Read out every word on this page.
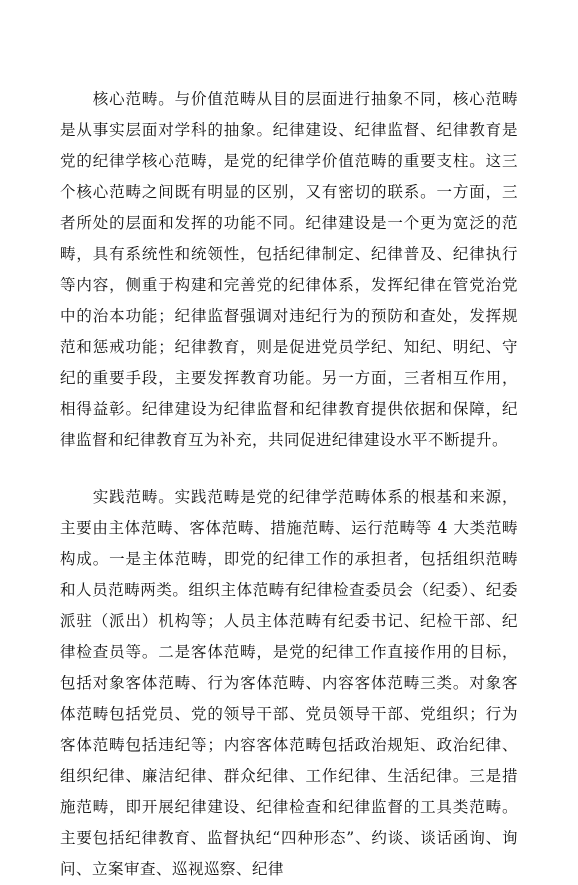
　　核心范畴。与价值范畴从目的层面进行抽象不同，核心范畴是从事实层面对学科的抽象。纪律建设、纪律监督、纪律教育是党的纪律学核心范畴，是党的纪律学价值范畴的重要支柱。这三个核心范畴之间既有明显的区别，又有密切的联系。一方面，三者所处的层面和发挥的功能不同。纪律建设是一个更为宽泛的范畴，具有系统性和统领性，包括纪律制定、纪律普及、纪律执行等内容，侧重于构建和完善党的纪律体系，发挥纪律在管党治党中的治本功能；纪律监督强调对违纪行为的预防和查处，发挥规范和惩戒功能；纪律教育，则是促进党员学纪、知纪、明纪、守纪的重要手段，主要发挥教育功能。另一方面，三者相互作用，相得益彰。纪律建设为纪律监督和纪律教育提供依据和保障，纪律监督和纪律教育互为补充，共同促进纪律建设水平不断提升。

　　实践范畴。实践范畴是党的纪律学范畴体系的根基和来源，主要由主体范畴、客体范畴、措施范畴、运行范畴等 4 大类范畴构成。一是主体范畴，即党的纪律工作的承担者，包括组织范畴和人员范畴两类。组织主体范畴有纪律检查委员会（纪委）、纪委派驻（派出）机构等；人员主体范畴有纪委书记、纪检干部、纪律检查员等。二是客体范畴，是党的纪律工作直接作用的目标，包括对象客体范畴、行为客体范畴、内容客体范畴三类。对象客体范畴包括党员、党的领导干部、党员领导干部、党组织；行为客体范畴包括违纪等；内容客体范畴包括政治规矩、政治纪律、组织纪律、廉洁纪律、群众纪律、工作纪律、生活纪律。三是措施范畴，即开展纪律建设、纪律检查和纪律监督的工具类范畴。主要包括纪律教育、监督执纪“四种形态”、约谈、谈话函询、询问、立案审查、巡视巡察、纪律
